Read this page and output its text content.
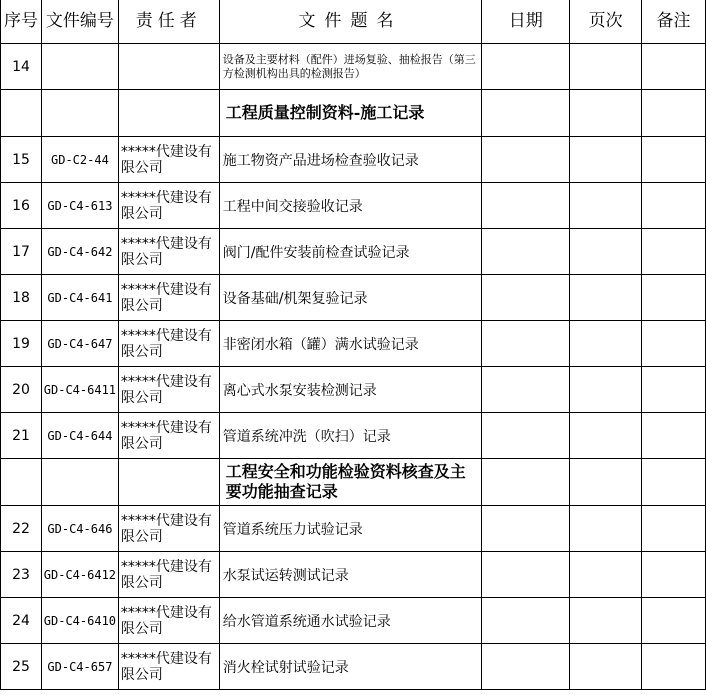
序号	文件编号	责任者	文件题名	日期	页次	备注
14			设备及主要材料（配件）进场复验、抽检报告（第三方检测机构出具的检测报告）			
			工程质量控制资料-施工记录			
15	GD-C2-44	*****代建设有限公司	施工物资产品进场检查验收记录			
16	GD-C4-613	*****代建设有限公司	工程中间交接验收记录			
17	GD-C4-642	*****代建设有限公司	阀门/配件安装前检查试验记录			
18	GD-C4-641	*****代建设有限公司	设备基础/机架复验记录			
19	GD-C4-647	*****代建设有限公司	非密闭水箱（罐）满水试验记录			
20	GD-C4-6411	*****代建设有限公司	离心式水泵安装检测记录			
21	GD-C4-644	*****代建设有限公司	管道系统冲洗（吹扫）记录			
			工程安全和功能检验资料核查及主要功能抽查记录			
22	GD-C4-646	*****代建设有限公司	管道系统压力试验记录			
23	GD-C4-6412	*****代建设有限公司	水泵试运转测试记录			
24	GD-C4-6410	*****代建设有限公司	给水管道系统通水试验记录			
25	GD-C4-657	*****代建设有限公司	消火栓试射试验记录			
